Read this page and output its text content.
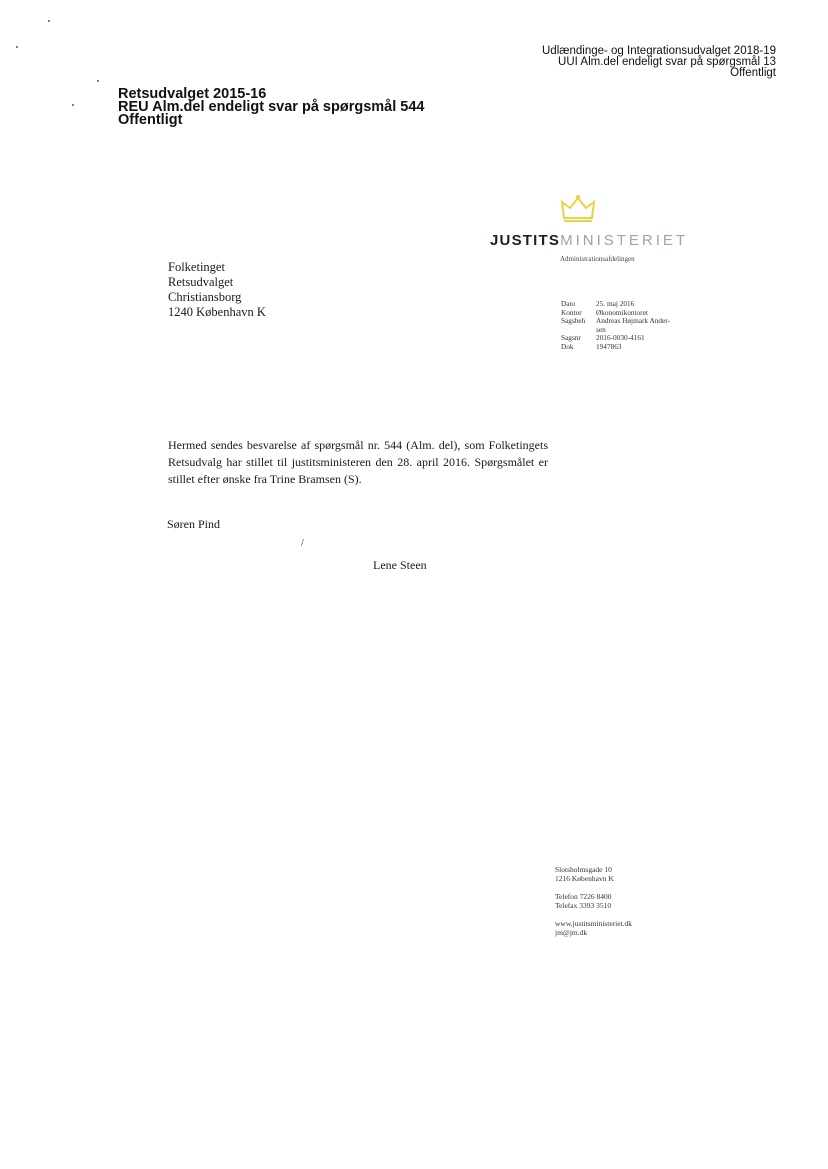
Udlændinge- og Integrationsudvalget 2018-19
UUI Alm.del endeligt svar på spørgsmål 13
Offentligt
Retsudvalget 2015-16
REU Alm.del endeligt svar på spørgsmål 544
Offentligt
JUSTITSMINISTERIET
Administrationsafdelingen
Folketinget
Retsudvalget
Christiansborg
1240 København K
Dato	25. maj 2016
Kontor	Økonomikontoret
Sagsbeh	Andreas Højmark Ander-
sen
Sagsnr	2016-0030-4161
Dok	1947863
Hermed sendes besvarelse af spørgsmål nr. 544 (Alm. del), som Folketingets Retsudvalg har stillet til justitsministeren den 28. april 2016. Spørgsmålet er stillet efter ønske fra Trine Bramsen (S).
Søren Pind
/
Lene Steen
Slotsholmsgade 10
1216 København K
Telefon 7226 8400
Telefax 3393 3510
www.justitsministeriet.dk
jm@jm.dk
